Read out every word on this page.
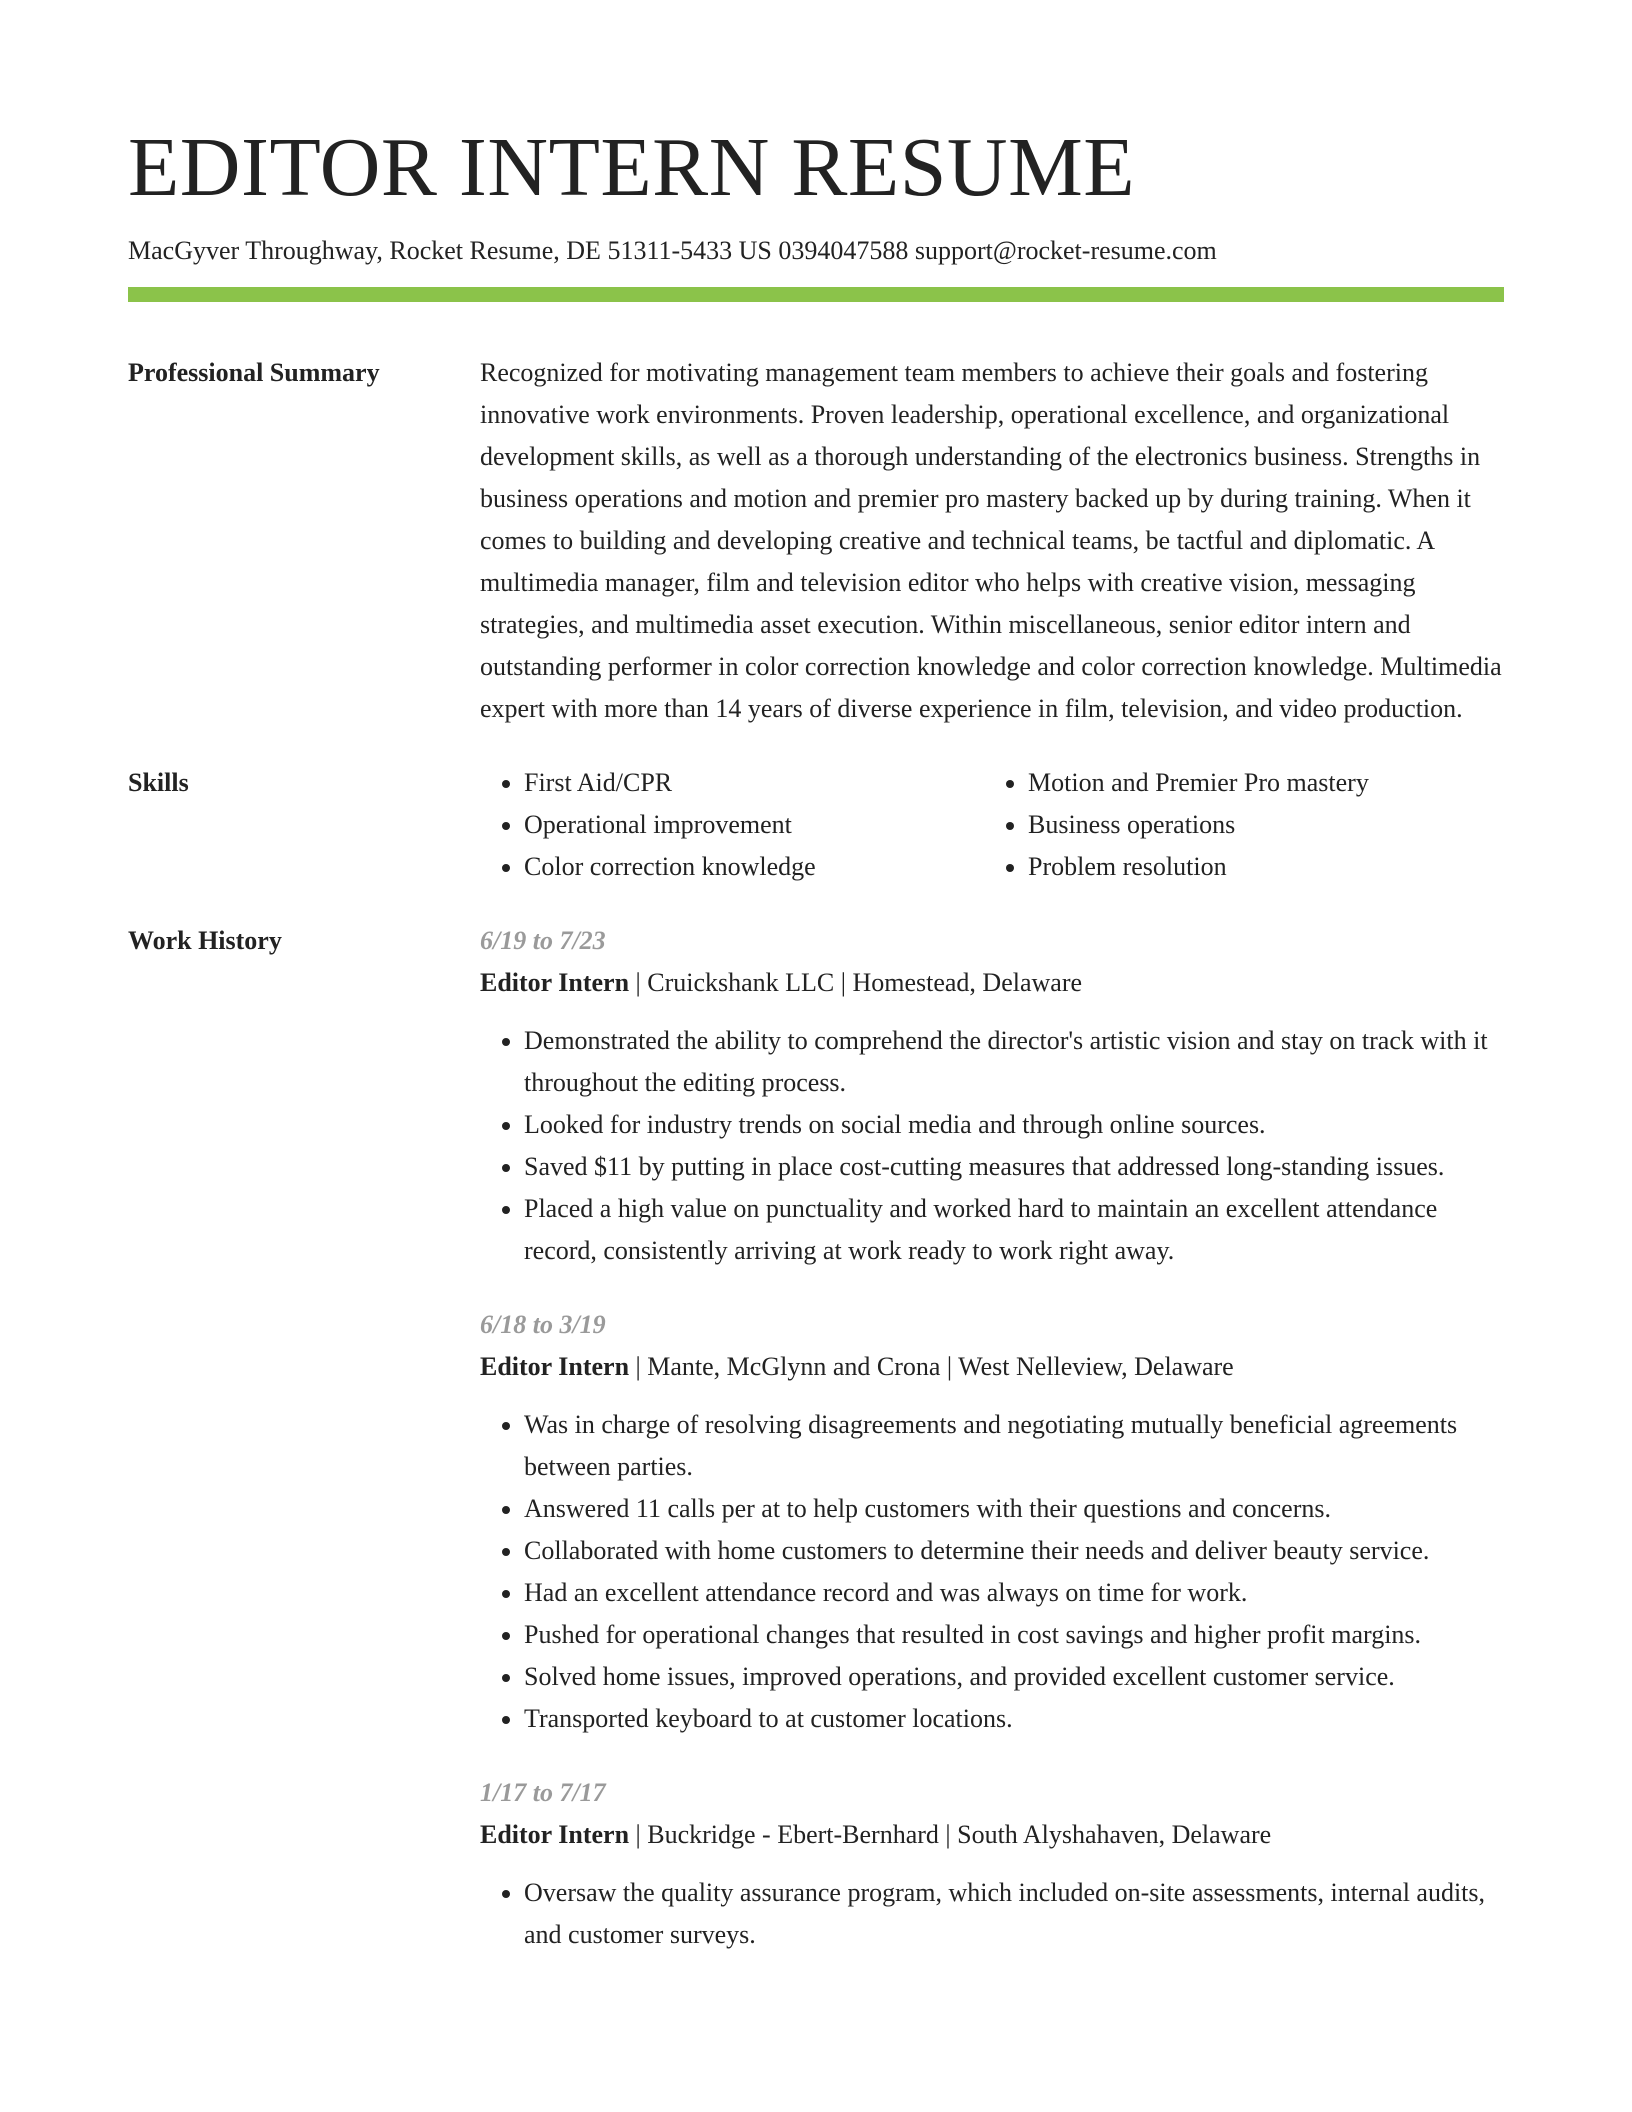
EDITOR INTERN RESUME
MacGyver Throughway, Rocket Resume, DE 51311-5433 US 0394047588 support@rocket-resume.com
Professional Summary	Recognized for motivating management team members to achieve their goals and fostering innovative work environments. Proven leadership, operational excellence, and organizational development skills, as well as a thorough understanding of the electronics business. Strengths in business operations and motion and premier pro mastery backed up by during training. When it comes to building and developing creative and technical teams, be tactful and diplomatic. A multimedia manager, film and television editor who helps with creative vision, messaging strategies, and multimedia asset execution. Within miscellaneous, senior editor intern and outstanding performer in color correction knowledge and color correction knowledge. Multimedia expert with more than 14 years of diverse experience in film, television, and video production.

Skills
•	First Aid/CPR
• Operational improvement
• Color correction knowledge
• Motion and Premier Pro mastery
• Business operations
• Problem resolution
Work History	6/19 to 7/23
Editor Intern | Cruickshank LLC | Homestead, Delaware
• Demonstrated the ability to comprehend the director's artistic vision and stay on track with it throughout the editing process.
• Looked for industry trends on social media and through online sources.
• Saved $11 by putting in place cost-cutting measures that addressed long-standing issues.
• Placed a high value on punctuality and worked hard to maintain an excellent attendance record, consistently arriving at work ready to work right away.
6/18 to 3/19
Editor Intern | Mante, McGlynn and Crona | West Nelleview, Delaware
• Was in charge of resolving disagreements and negotiating mutually beneficial agreements between parties.
• Answered 11 calls per at to help customers with their questions and concerns.
• Collaborated with home customers to determine their needs and deliver beauty service.
• Had an excellent attendance record and was always on time for work.
• Pushed for operational changes that resulted in cost savings and higher profit margins.
• Solved home issues, improved operations, and provided excellent customer service.
• Transported keyboard to at customer locations.
1/17 to 7/17
Editor Intern | Buckridge - Ebert-Bernhard | South Alyshahaven, Delaware
• Oversaw the quality assurance program, which included on-site assessments, internal audits, and customer surveys.
